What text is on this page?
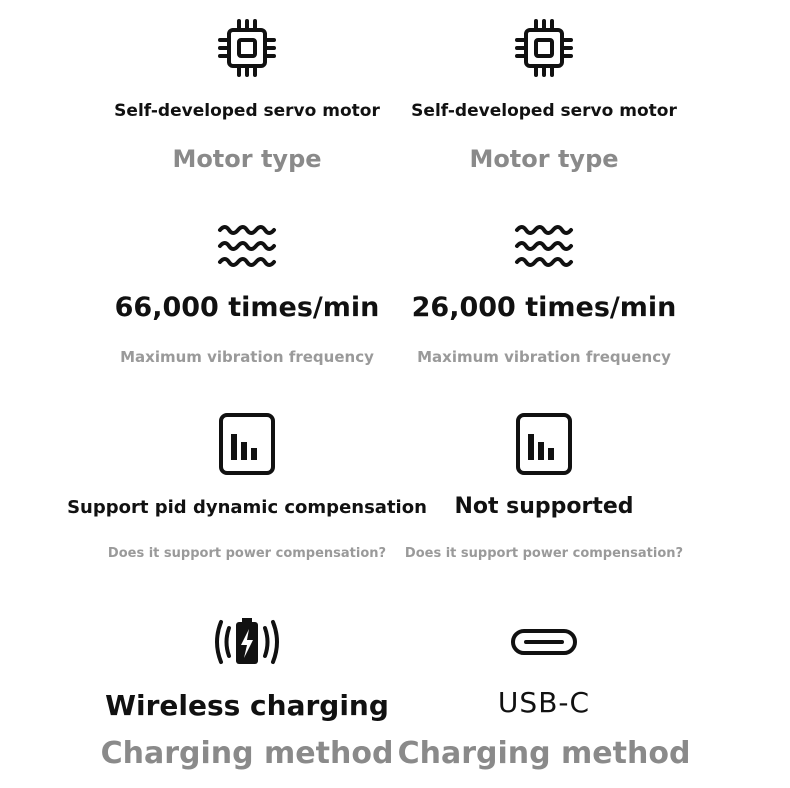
Self-developed servo motor
Motor type
Self-developed servo motor
Motor type
66,000 times/min
Maximum vibration frequency
26,000 times/min
Maximum vibration frequency
Support pid dynamic compensation
Does it support power compensation?
Not supported
Does it support power compensation?
Wireless charging
Charging method
USB-C
Charging method
